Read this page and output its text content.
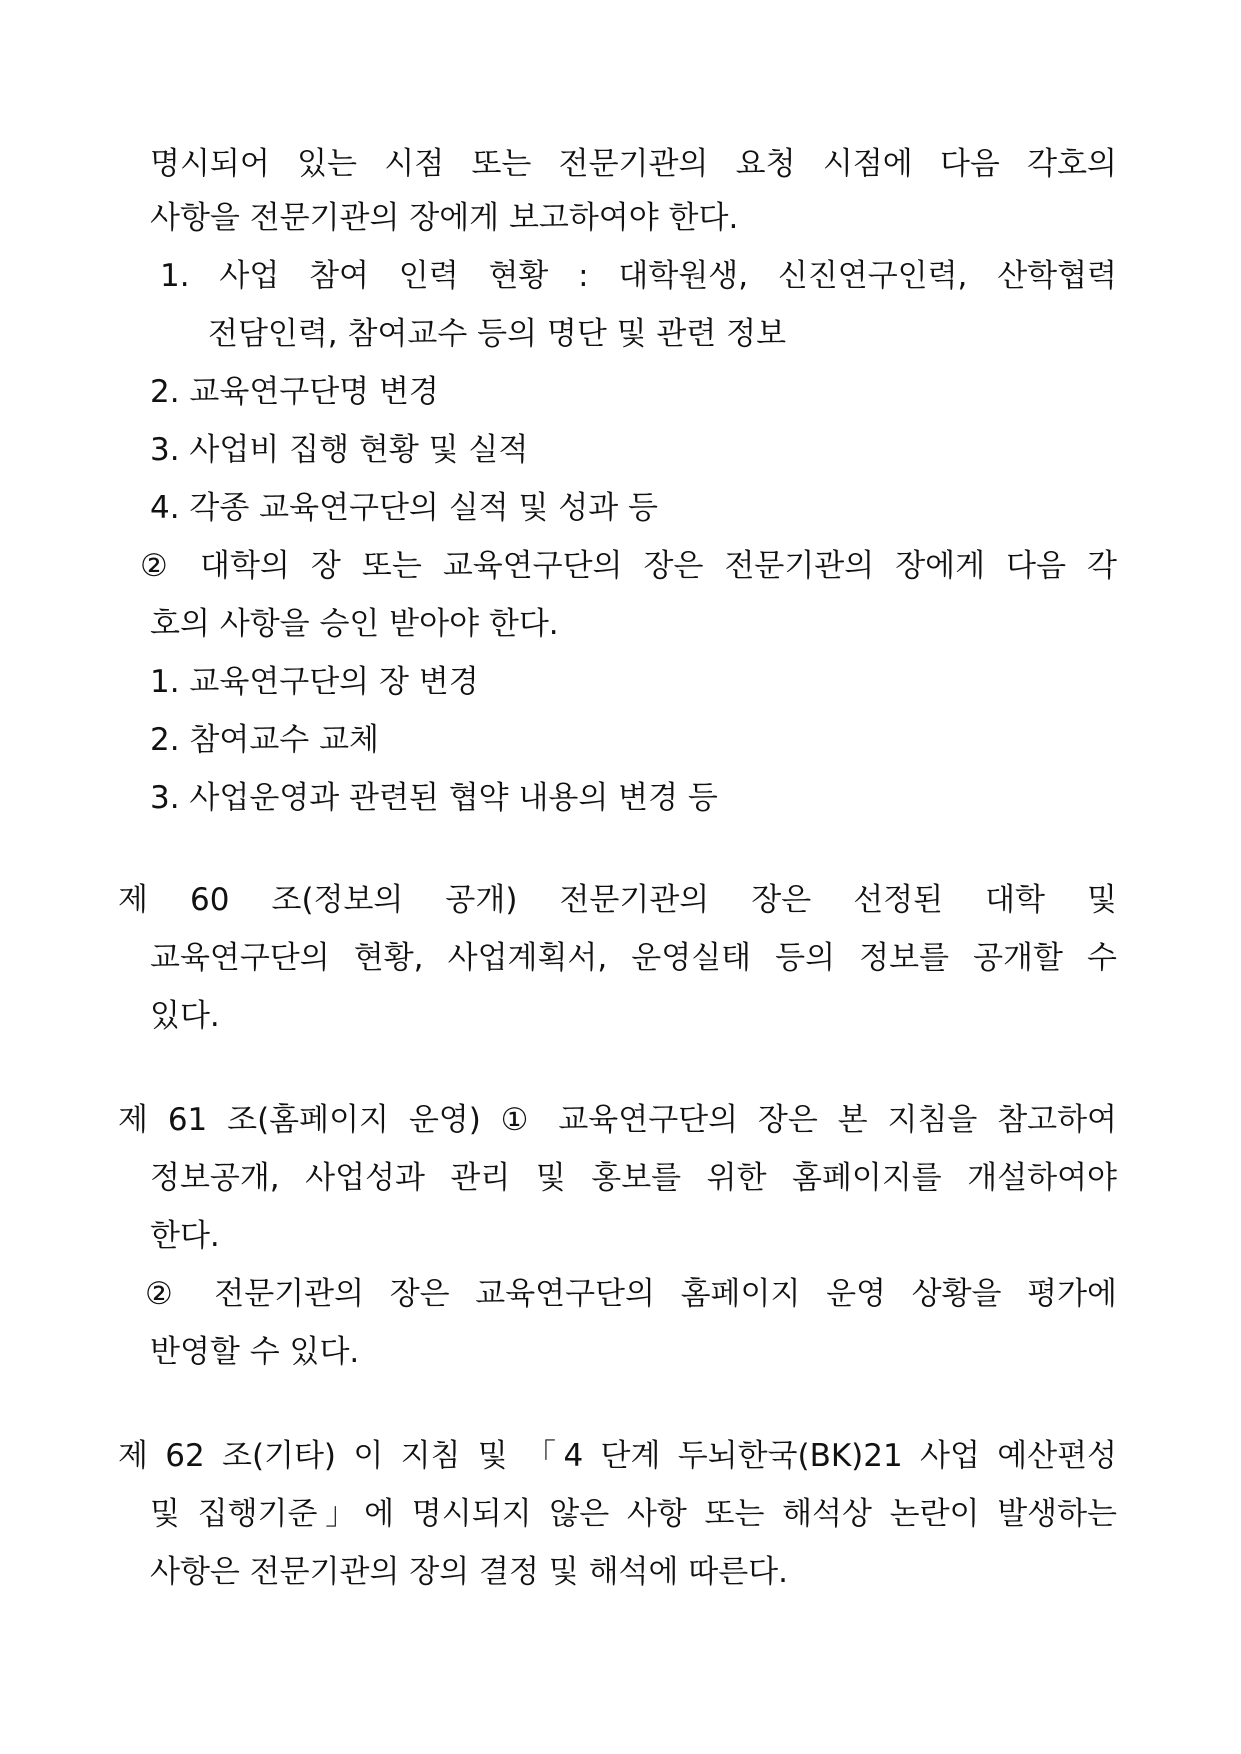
명시되어 있는 시점 또는 전문기관의 요청 시점에 다음 각호의

사항을 전문기관의 장에게 보고하여야 한다.

1. 사업 참여 인력 현황 : 대학원생, 신진연구인력, 산학협력

전담인력, 참여교수 등의 명단 및 관련 정보

2. 교육연구단명 변경

3. 사업비 집행 현황 및 실적

4. 각종 교육연구단의 실적 및 성과 등

② 대학의 장 또는 교육연구단의 장은 전문기관의 장에게 다음 각

호의 사항을 승인 받아야 한다.

1. 교육연구단의 장 변경

2. 참여교수 교체

3. 사업운영과 관련된 협약 내용의 변경 등

제 60 조(정보의 공개) 전문기관의 장은 선정된 대학 및

교육연구단의 현황, 사업계획서, 운영실태 등의 정보를 공개할 수

있다.

제 61 조(홈페이지 운영) ① 교육연구단의 장은 본 지침을 참고하여

정보공개, 사업성과 관리 및 홍보를 위한 홈페이지를 개설하여야

한다.

② 전문기관의 장은 교육연구단의 홈페이지 운영 상황을 평가에

반영할 수 있다.

제 62 조(기타) 이 지침 및 「4 단계 두뇌한국(BK)21 사업 예산편성

및 집행기준」에 명시되지 않은 사항 또는 해석상 논란이 발생하는

사항은 전문기관의 장의 결정 및 해석에 따른다.
